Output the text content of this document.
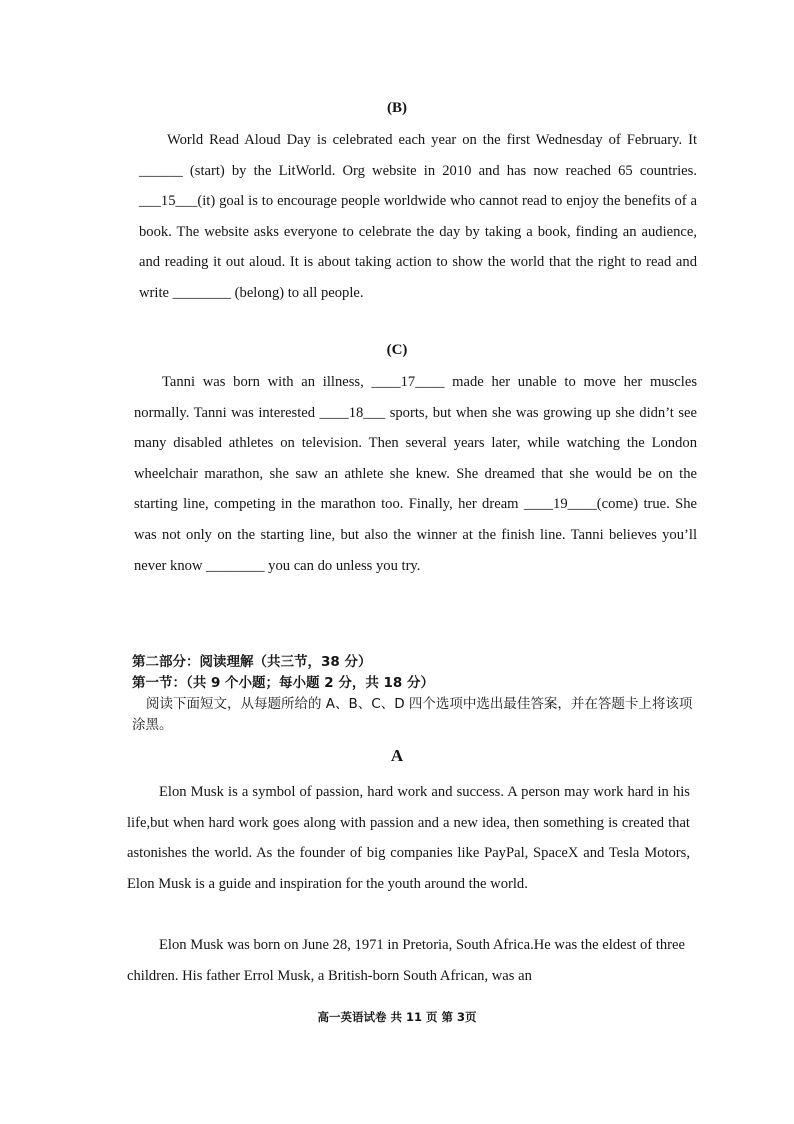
(B)

World Read Aloud Day is celebrated each year on the first Wednesday of February. It ______ (start) by the LitWorld. Org website in 2010 and has now reached 65 countries. ___15___(it) goal is to encourage people worldwide who cannot read to enjoy the benefits of a book. The website asks everyone to celebrate the day by taking a book, finding an audience, and reading it out aloud. It is about taking action to show the world that the right to read and write ________ (belong) to all people.

(C)

Tanni was born with an illness, ____17____ made her unable to move her muscles normally. Tanni was interested ____18___ sports, but when she was growing up she didn’t see many disabled athletes on television. Then several years later, while watching the London wheelchair marathon, she saw an athlete she knew. She dreamed that she would be on the starting line, competing in the marathon too. Finally, her dream ____19____(come) true. She was not only on the starting line, but also the winner at the finish line. Tanni believes you’ll never know ________ you can do unless you try.

第二部分：阅读理解（共三节，38 分）
第一节：（共 9 个小题；每小题 2 分，共 18 分）
阅读下面短文，从每题所给的 A、B、C、D 四个选项中选出最佳答案，并在答题卡上将该项涂黑。
A

Elon Musk is a symbol of passion, hard work and success. A person may work hard in his life,but when hard work goes along with passion and a new idea, then something is created that astonishes the world. As the founder of big companies like PayPal, SpaceX and Tesla Motors, Elon Musk is a guide and inspiration for the youth around the world.

Elon Musk was born on June 28, 1971 in Pretoria, South Africa.He was the eldest of three children. His father Errol Musk, a British-born South African, was an

高一英语试卷 共 11 页 第 3页
